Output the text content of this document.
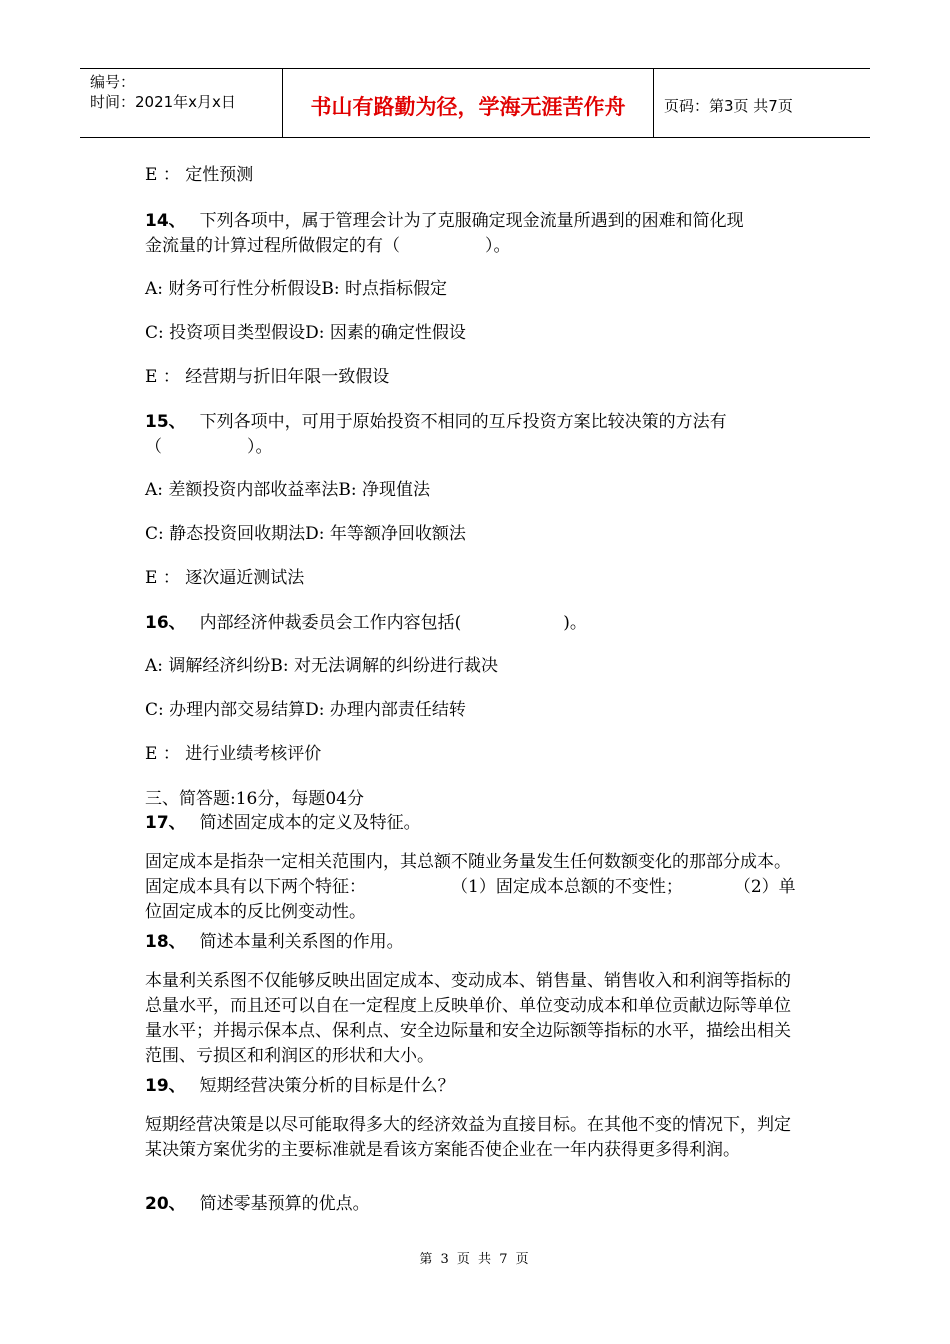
编号：
时间：2021年x月x日	书山有路勤为径，学海无涯苦作舟	页码：第3页 共7页
E ： 定性预测
14、 下列各项中，属于管理会计为了克服确定现金流量所遇到的困难和简化现
金流量的计算过程所做假定的有（　　　　　）。
A: 财务可行性分析假设B: 时点指标假定
C: 投资项目类型假设D: 因素的确定性假设
E ： 经营期与折旧年限一致假设
15、 下列各项中，可用于原始投资不相同的互斥投资方案比较决策的方法有
（　　　　　）。
A: 差额投资内部收益率法B: 净现值法
C: 静态投资回收期法D: 年等额净回收额法
E ： 逐次逼近测试法
16、 内部经济仲裁委员会工作内容包括(　　　　　　)。
A: 调解经济纠纷B: 对无法调解的纠纷进行裁决
C: 办理内部交易结算D: 办理内部责任结转
E ： 进行业绩考核评价
三、简答题:16分，每题04分
17、 简述固定成本的定义及特征。
固定成本是指杂一定相关范围内，其总额不随业务量发生任何数额变化的那部分成本。固定成本具有以下两个特征：　　　　　　（1）固定成本总额的不变性；　　　　（2）单位固定成本的反比例变动性。
18、 简述本量利关系图的作用。
本量利关系图不仅能够反映出固定成本、变动成本、销售量、销售收入和利润等指标的总量水平，而且还可以自在一定程度上反映单价、单位变动成本和单位贡献边际等单位量水平；并揭示保本点、保利点、安全边际量和安全边际额等指标的水平，描绘出相关范围、亏损区和利润区的形状和大小。
19、 短期经营决策分析的目标是什么？
短期经营决策是以尽可能取得多大的经济效益为直接目标。在其他不变的情况下，判定某决策方案优劣的主要标准就是看该方案能否使企业在一年内获得更多得利润。
20、 简述零基预算的优点。
第 3 页 共 7 页
